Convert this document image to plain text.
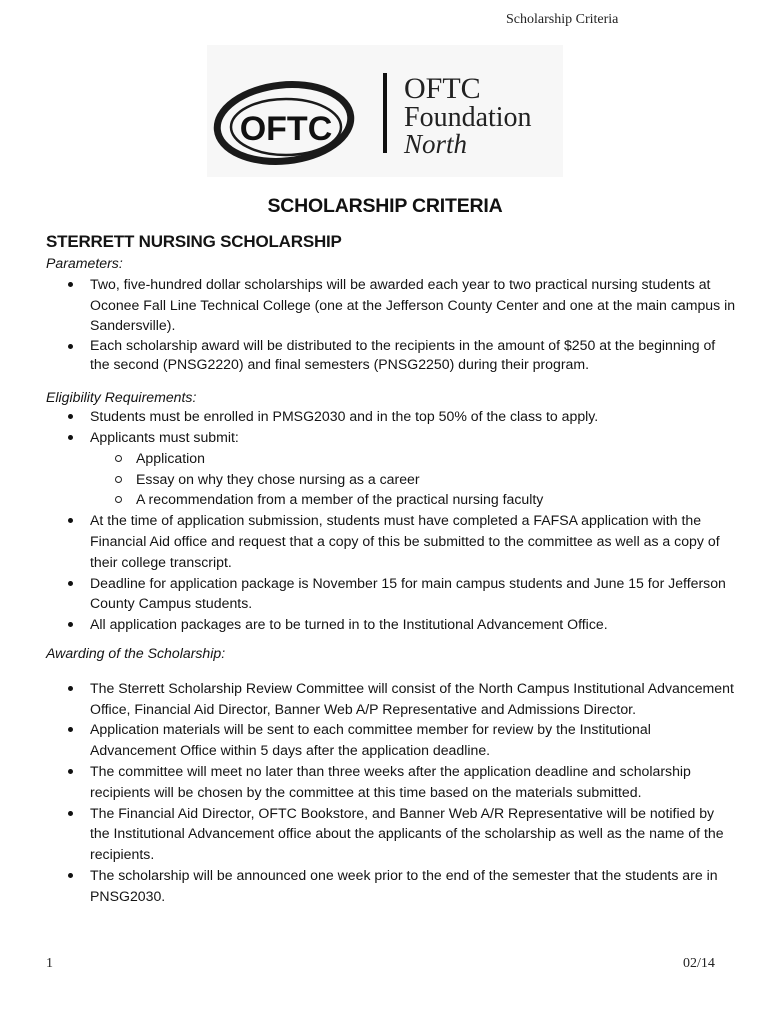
Scholarship Criteria
OFTC
OFTC
Foundation
North
SCHOLARSHIP CRITERIA
STERRETT NURSING SCHOLARSHIP
Parameters:
Two, five-hundred dollar scholarships will be awarded each year to two practical nursing students at Oconee Fall Line Technical College (one at the Jefferson County Center and one at the main campus in Sandersville).
Each scholarship award will be distributed to the recipients in the amount of $250 at the beginning of the second (PNSG2220) and final semesters (PNSG2250) during their program.
Eligibility Requirements:
Students must be enrolled in PMSG2030 and in the top 50% of the class to apply.
Applicants must submit:
Application
Essay on why they chose nursing as a career
A recommendation from a member of the practical nursing faculty
At the time of application submission, students must have completed a FAFSA application with the Financial Aid office and request that a copy of this be submitted to the committee as well as a copy of their college transcript.
Deadline for application package is November 15 for main campus students and June 15 for Jefferson County Campus students.
All application packages are to be turned in to the Institutional Advancement Office.
Awarding of the Scholarship:
The Sterrett Scholarship Review Committee will consist of the North Campus Institutional Advancement Office, Financial Aid Director, Banner Web A/P Representative and Admissions Director.
Application materials will be sent to each committee member for review by the Institutional Advancement Office within 5 days after the application deadline.
The committee will meet no later than three weeks after the application deadline and scholarship recipients will be chosen by the committee at this time based on the materials submitted.
The Financial Aid Director, OFTC Bookstore, and Banner Web A/R Representative will be notified by the Institutional Advancement office about the applicants of the scholarship as well as the name of the recipients.
The scholarship will be announced one week prior to the end of the semester that the students are in PNSG2030.
1	02/14
